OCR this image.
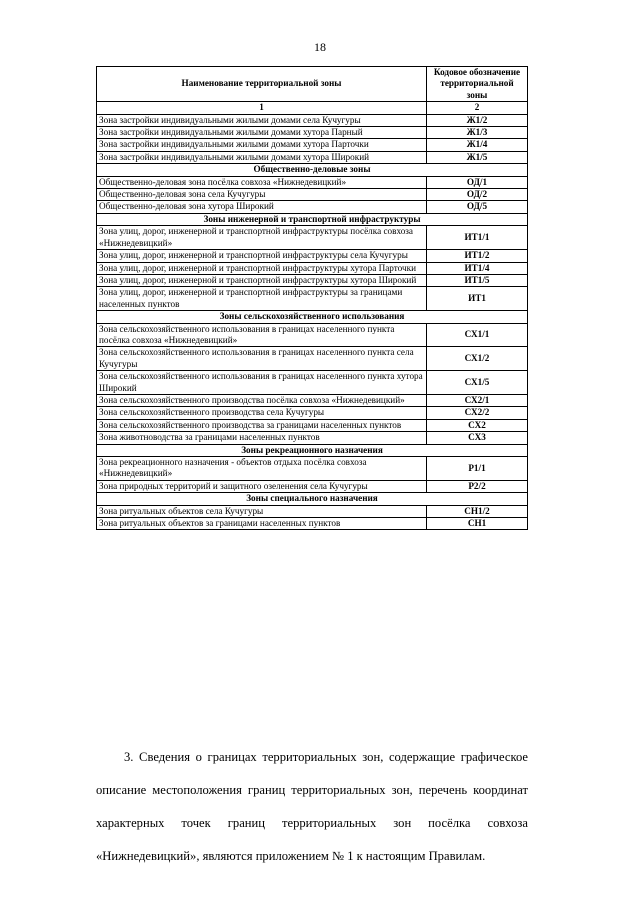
18
Наименование территориальной зоны	Кодовое обозначение территориальной зоны
1	2
Зона застройки индивидуальными жилыми домами села Кучугуры	Ж1/2
Зона застройки индивидуальными жилыми домами хутора Парный	Ж1/3
Зона застройки индивидуальными жилыми домами хутора Парточки	Ж1/4
Зона застройки индивидуальными жилыми домами хутора Широкий	Ж1/5
Общественно-деловые зоны	
Общественно-деловая зона посёлка совхоза «Нижнедевицкий»	ОД/1
Общественно-деловая зона села Кучугуры	ОД/2
Общественно-деловая зона хутора Широкий	ОД/5
Зоны инженерной и транспортной инфраструктуры	
Зона улиц, дорог, инженерной и транспортной инфраструктуры посёлка совхоза «Нижнедевицкий»	ИТ1/1
Зона улиц, дорог, инженерной и транспортной инфраструктуры села Кучугуры	ИТ1/2
Зона улиц, дорог, инженерной и транспортной инфраструктуры хутора Парточки	ИТ1/4
Зона улиц, дорог, инженерной и транспортной инфраструктуры хутора Широкий	ИТ1/5
Зона улиц, дорог, инженерной и транспортной инфраструктуры за границами населенных пунктов	ИТ1
Зоны сельскохозяйственного использования	
Зона сельскохозяйственного использования в границах населенного пункта посёлка совхоза «Нижнедевицкий»	СХ1/1
Зона сельскохозяйственного использования в границах населенного пункта села Кучугуры	СХ1/2
Зона сельскохозяйственного использования в границах населенного пункта хутора Широкий	СХ1/5
Зона сельскохозяйственного производства посёлка совхоза «Нижнедевицкий»	СХ2/1
Зона сельскохозяйственного производства села Кучугуры	СХ2/2
Зона сельскохозяйственного производства за границами населенных пунктов	СХ2
Зона животноводства за границами населенных пунктов	СХ3
Зоны рекреационного назначения	
Зона рекреационного назначения - объектов отдыха посёлка совхоза «Нижнедевицкий»	Р1/1
Зона природных территорий и защитного озеленения села Кучугуры	Р2/2
Зоны специального назначения	
Зона ритуальных объектов села Кучугуры	СН1/2
Зона ритуальных объектов за границами населенных пунктов	СН1

3. Сведения о границах территориальных зон, содержащие графическое описание местоположения границ территориальных зон, перечень координат характерных точек границ территориальных зон посёлка совхоза «Нижнедевицкий», являются приложением № 1 к настоящим Правилам.
